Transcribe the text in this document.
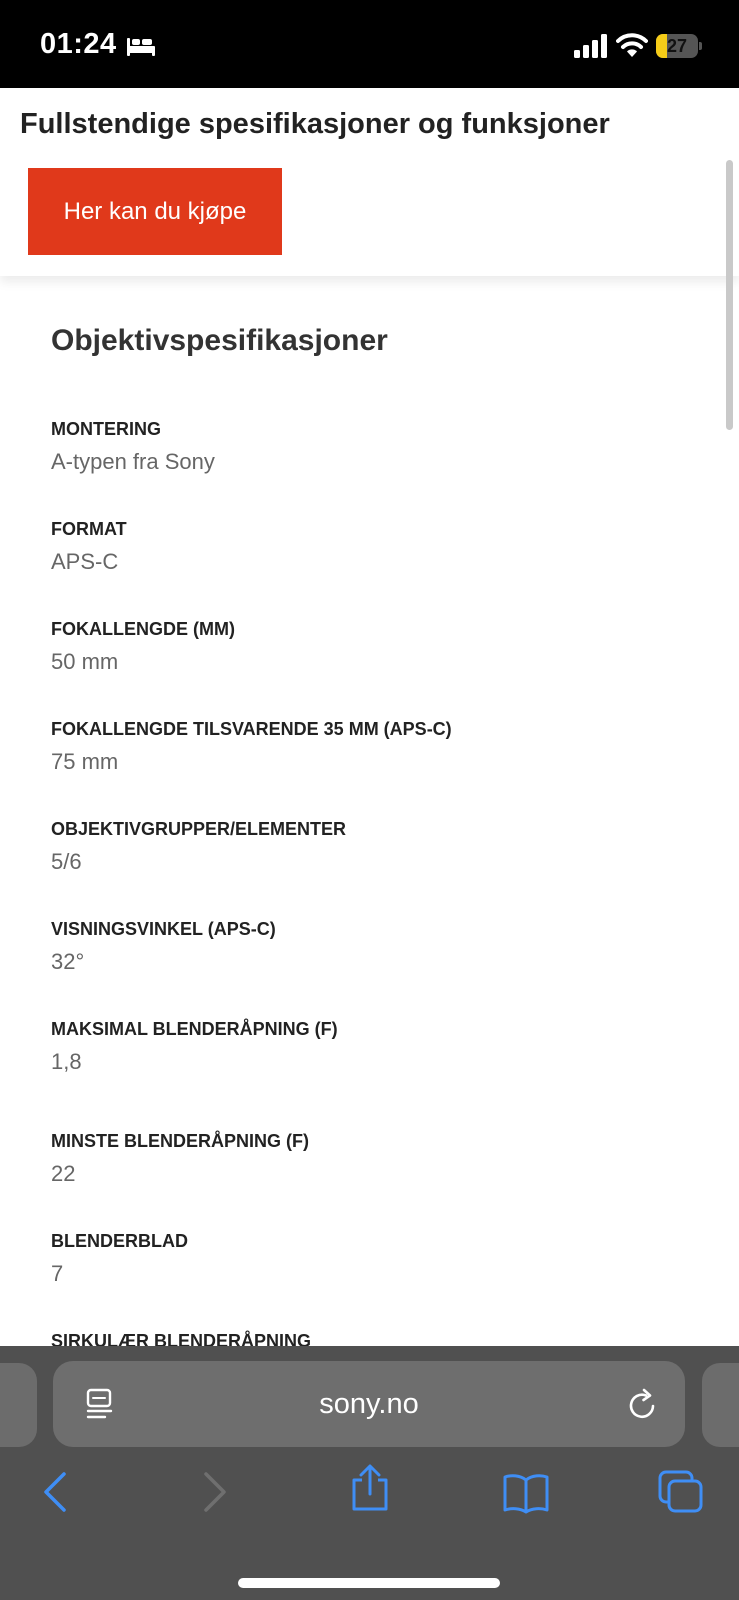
01:24	27
Fullstendige spesifikasjoner og funksjoner
Her kan du kjøpe
Objektivspesifikasjoner
MONTERING
A-typen fra Sony
FORMAT
APS-C
FOKALLENGDE (MM)
50 mm
FOKALLENGDE TILSVARENDE 35 MM (APS-C)
75 mm
OBJEKTIVGRUPPER/ELEMENTER
5/6
VISNINGSVINKEL (APS-C)
32°
MAKSIMAL BLENDERÅPNING (F)
1,8
MINSTE BLENDERÅPNING (F)
22
BLENDERBLAD
7
SIRKULÆR BLENDERÅPNING
sony.no
